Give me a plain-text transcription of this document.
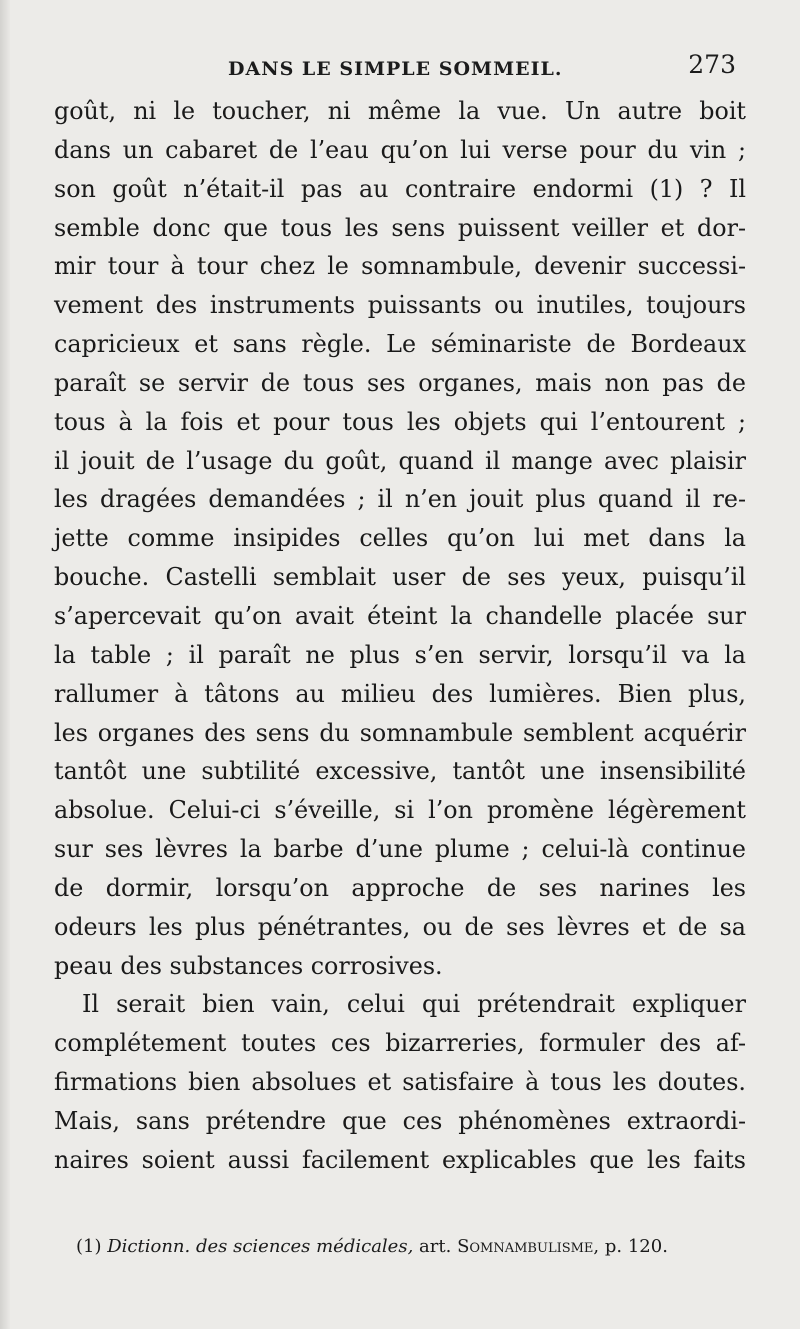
DANS LE SIMPLE SOMMEIL.	273
goût, ni le toucher, ni même la vue. Un autre boit
dans un cabaret de l’eau qu’on lui verse pour du vin ;
son goût n’était-il pas au contraire endormi (1) ? Il
semble donc que tous les sens puissent veiller et dor-
mir tour à tour chez le somnambule, devenir successi-
vement des instruments puissants ou inutiles, toujours
capricieux et sans règle. Le séminariste de Bordeaux
paraît se servir de tous ses organes, mais non pas de
tous à la fois et pour tous les objets qui l’entourent ;
il jouit de l’usage du goût, quand il mange avec plaisir
les dragées demandées ; il n’en jouit plus quand il re-
jette comme insipides celles qu’on lui met dans la
bouche. Castelli semblait user de ses yeux, puisqu’il
s’apercevait qu’on avait éteint la chandelle placée sur
la table ; il paraît ne plus s’en servir, lorsqu’il va la
rallumer à tâtons au milieu des lumières. Bien plus,
les organes des sens du somnambule semblent acquérir
tantôt une subtilité excessive, tantôt une insensibilité
absolue. Celui-ci s’éveille, si l’on promène légèrement
sur ses lèvres la barbe d’une plume ; celui-là continue
de dormir, lorsqu’on approche de ses narines les
odeurs les plus pénétrantes, ou de ses lèvres et de sa
peau des substances corrosives.
Il serait bien vain, celui qui prétendrait expliquer
complétement toutes ces bizarreries, formuler des af-
firmations bien absolues et satisfaire à tous les doutes.
Mais, sans prétendre que ces phénomènes extraordi-
naires soient aussi facilement explicables que les faits
(1) Dictionn. des sciences médicales, art. Somnambulisme, p. 120.
